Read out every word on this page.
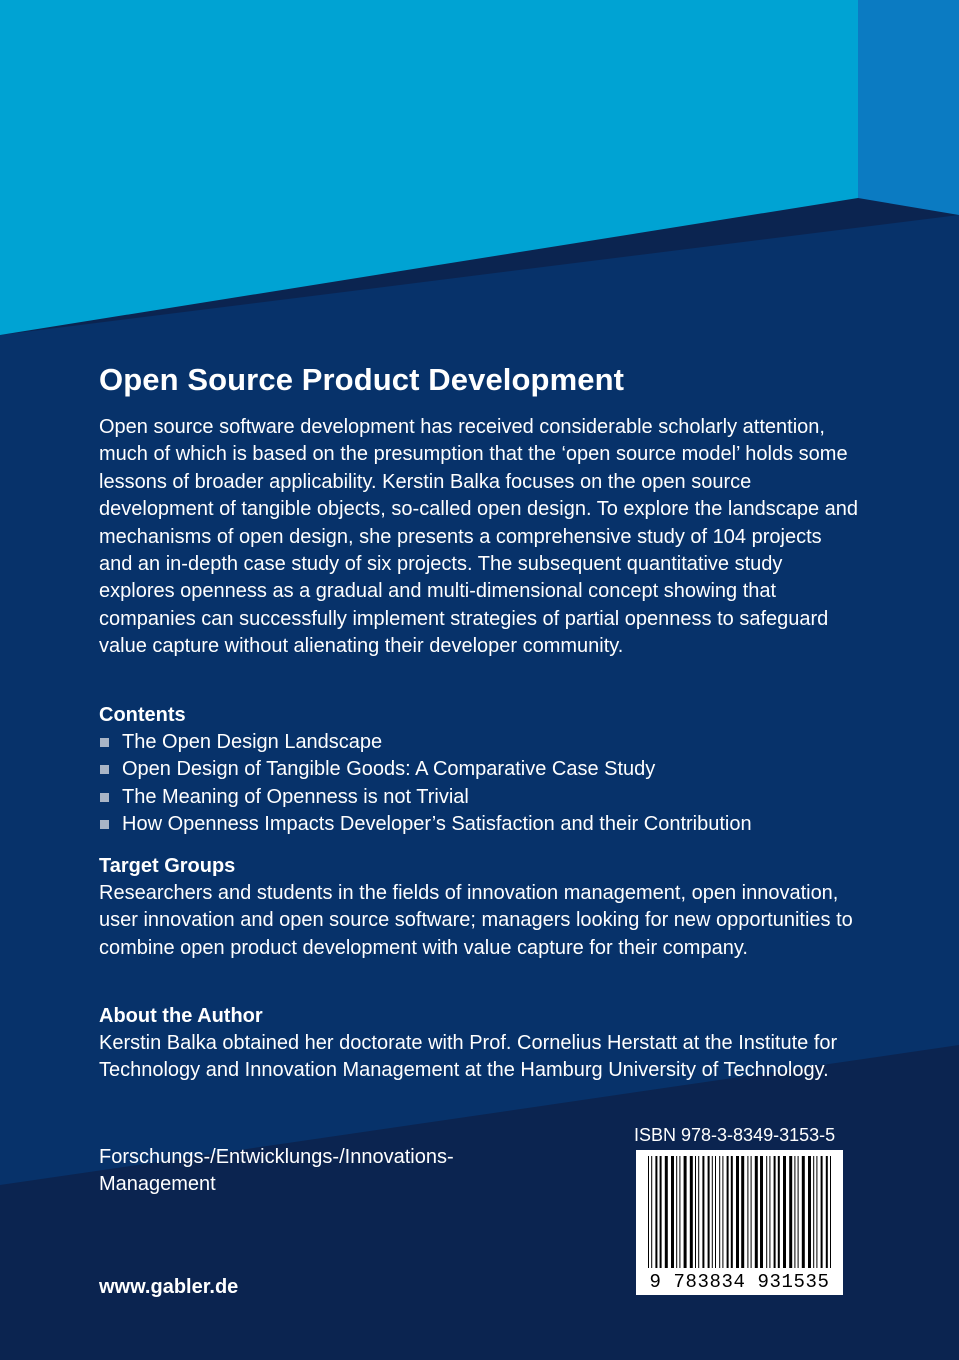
Open Source Product Development
Open source software development has received considerable scholarly attention, much of which is based on the presumption that the ‘open source model’ holds some lessons of broader applicability. Kerstin Balka focuses on the open source development of tangible objects, so-called open design. To explore the landscape and mechanisms of open design, she presents a comprehensive study of 104 projects and an in-depth case study of six projects. The subsequent quantitative study explores openness as a gradual and multi-dimensional concept showing that companies can successfully implement strategies of partial openness to safeguard value capture without alienating their developer community.
Contents
The Open Design Landscape
Open Design of Tangible Goods: A Comparative Case Study
The Meaning of Openness is not Trivial
How Openness Impacts Developer’s Satisfaction and their Contribution
Target Groups
Researchers and students in the fields of innovation management, open innovation, user innovation and open source software; managers looking for new opportunities to combine open product development with value capture for their company.
About the Author
Kerstin Balka obtained her doctorate with Prof. Cornelius Herstatt at the Institute for Technology and Innovation Management at the Hamburg University of Technology.
Forschungs-/Entwicklungs-/Innovations-Management
www.gabler.de
ISBN 978-3-8349-3153-5
9 783834 931535
